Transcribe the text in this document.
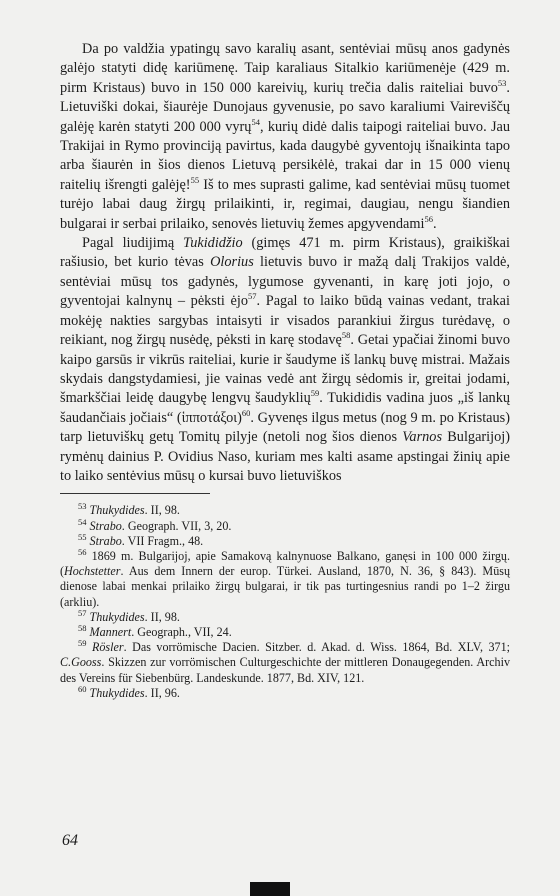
Da po valdžia ypatingų savo karalių asant, sentėviai mūsų anos gadynės galėjo statyti didę kariūmenę. Taip karaliaus Sitalkio kariūmenėje (429 m. pirm Kristaus) buvo in 150 000 kareivių, kurių trečia dalis raiteliai buvo$^{53}$. Lietuviški dokai, šiaurėje Dunojaus gyvenusie, po savo karaliumi Vaireviščų galėję karėn statyti 200 000 vyrų$^{54}$, kurių didė dalis taipogi raiteliai buvo. Jau Trakijai in Rymo provinciją pavirtus, kada daugybė gyventojų išnaikinta tapo arba šiaurėn in šios dienos Lietuvą persikėlė, trakai dar in 15 000 vienų raitelių išrengti galėję!$^{55}$ Iš to mes suprasti galime, kad sentėviai mūsų tuomet turėjo labai daug žirgų prilaikinti, ir, regimai, daugiau, nengu šiandien bulgarai ir serbai prilaiko, senovės lietuvių žemes apgyvendami$^{56}$.

Pagal liudijimą Tukididžio (gimęs 471 m. pirm Kristaus), graikiškai rašiusio, bet kurio tėvas Olorius lietuvis buvo ir mažą dalį Trakijos valdė, sentėviai mūsų tos gadynės, lygumose gyvenanti, in karę joti jojo, o gyventojai kalnynų – pėksti ėjo$^{57}$. Pagal to laiko būdą vainas vedant, trakai mokėję nakties sargybas intaisyti ir visados parankiui žirgus turėdavę, o reikiant, nog žirgų nusėdę, pėksti in karę stodavę$^{58}$. Getai ypačiai žinomi buvo kaipo garsūs ir vikrūs raiteliai, kurie ir šaudyme iš lankų buvę mistrai. Mažais skydais dangstydamiesi, jie vainas vedė ant žirgų sėdomis ir, greitai jodami, šmarkščiai leidę daugybę lengvų šaudyklių$^{59}$. Tukididis vadina juos „iš lankų šaudančiais jočiais“ (ἱπποτάξοι)$^{60}$. Gyvenęs ilgus metus (nog 9 m. po Kristaus) tarp lietuviškų getų Tomitų pilyje (netoli nog šios dienos Varnos Bulgarijoj) rymėnų dainius P. Ovidius Naso, kuriam mes kalti asame apstingai žinių apie to laiko sentėvius mūsų o kursai buvo lietuviškos

$^{53}$ Thukydides. II, 98.

$^{54}$ Strabo. Geograph. VII, 3, 20.

$^{55}$ Strabo. VII Fragm., 48.

$^{56}$ 1869 m. Bulgarijoj, apie Samakovą kalnynuose Balkano, ganęsi in 100 000 žirgų. (Hochstetter. Aus dem Innern der europ. Türkei. Ausland, 1870, N. 36, § 843). Mūsų dienose labai menkai prilaiko žirgų bulgarai, ir tik pas turtingesnius randi po 1–2 žirgu (arkliu).

$^{57}$ Thukydides. II, 98.

$^{58}$ Mannert. Geograph., VII, 24.

$^{59}$ Rösler. Das vorrömische Dacien. Sitzber. d. Akad. d. Wiss. 1864, Bd. XLV, 371; C.Gooss. Skizzen zur vorrömischen Culturgeschichte der mittleren Donaugegenden. Archiv des Vereins für Siebenbürg. Landeskunde. 1877, Bd. XIV, 121.

$^{60}$ Thukydides. II, 96.

64
